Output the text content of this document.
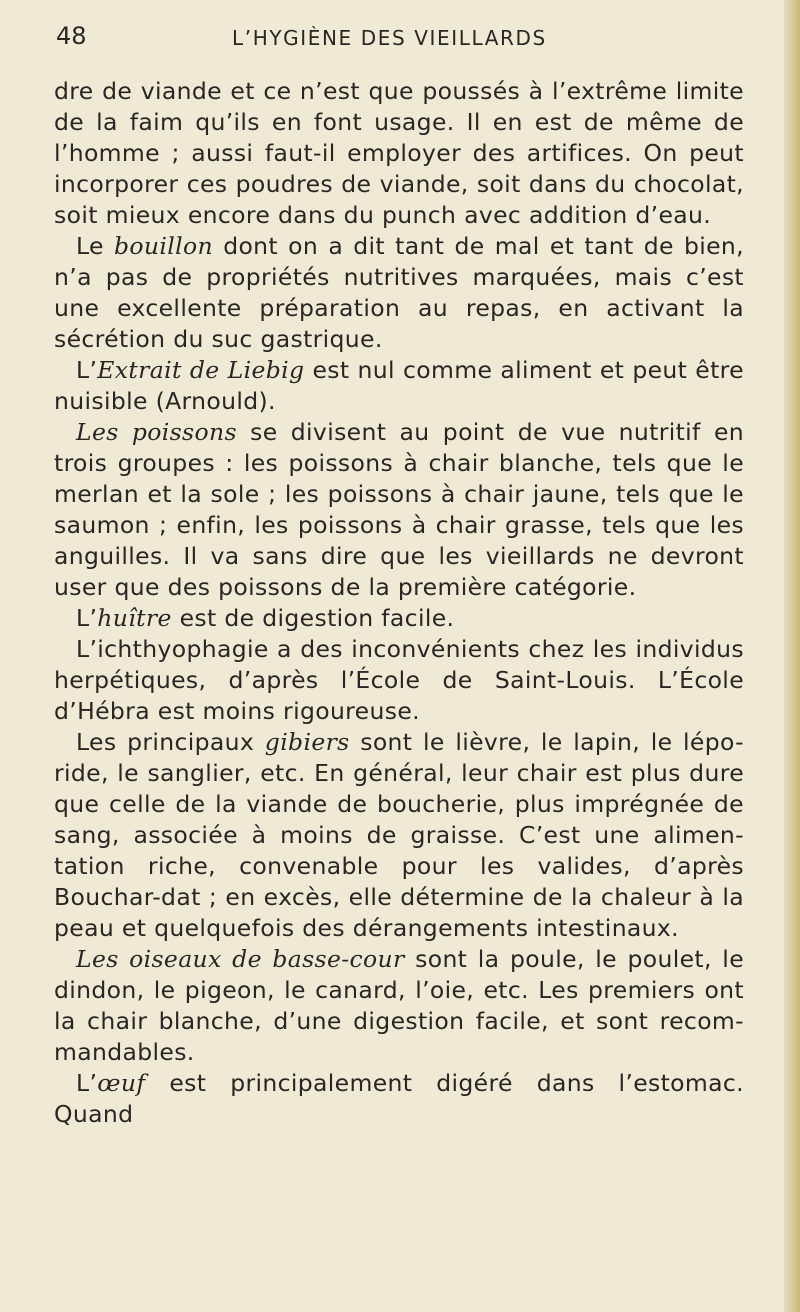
48	L’HYGIÈNE DES VIEILLARDS

dre de viande et ce n’est que poussés à l’extrême limite de la faim qu’ils en font usage. Il en est de même de l’homme ; aussi faut-il employer des artifices. On peut incorporer ces poudres de viande, soit dans du chocolat, soit mieux encore dans du punch avec addition d’eau.

Le bouillon dont on a dit tant de mal et tant de bien, n’a pas de propriétés nutritives marquées, mais c’est une excellente préparation au repas, en activant la sécrétion du suc gastrique.

L’Extrait de Liebig est nul comme aliment et peut être nuisible (Arnould).

Les poissons se divisent au point de vue nutritif en trois groupes : les poissons à chair blanche, tels que le merlan et la sole ; les poissons à chair jaune, tels que le saumon ; enfin, les poissons à chair grasse, tels que les anguilles. Il va sans dire que les vieillards ne devront user que des poissons de la première catégorie.

L’huître est de digestion facile.

L’ichthyophagie a des inconvénients chez les individus herpétiques, d’après l’École de Saint-Louis. L’École d’Hébra est moins rigoureuse.

Les principaux gibiers sont le lièvre, le lapin, le lépo-ride, le sanglier, etc. En général, leur chair est plus dure que celle de la viande de boucherie, plus imprégnée de sang, associée à moins de graisse. C’est une alimen-tation riche, convenable pour les valides, d’après Bouchar-dat ; en excès, elle détermine de la chaleur à la peau et quelquefois des dérangements intestinaux.

Les oiseaux de basse-cour sont la poule, le poulet, le dindon, le pigeon, le canard, l’oie, etc. Les premiers ont la chair blanche, d’une digestion facile, et sont recom-mandables.

L’œuf est principalement digéré dans l’estomac. Quand
